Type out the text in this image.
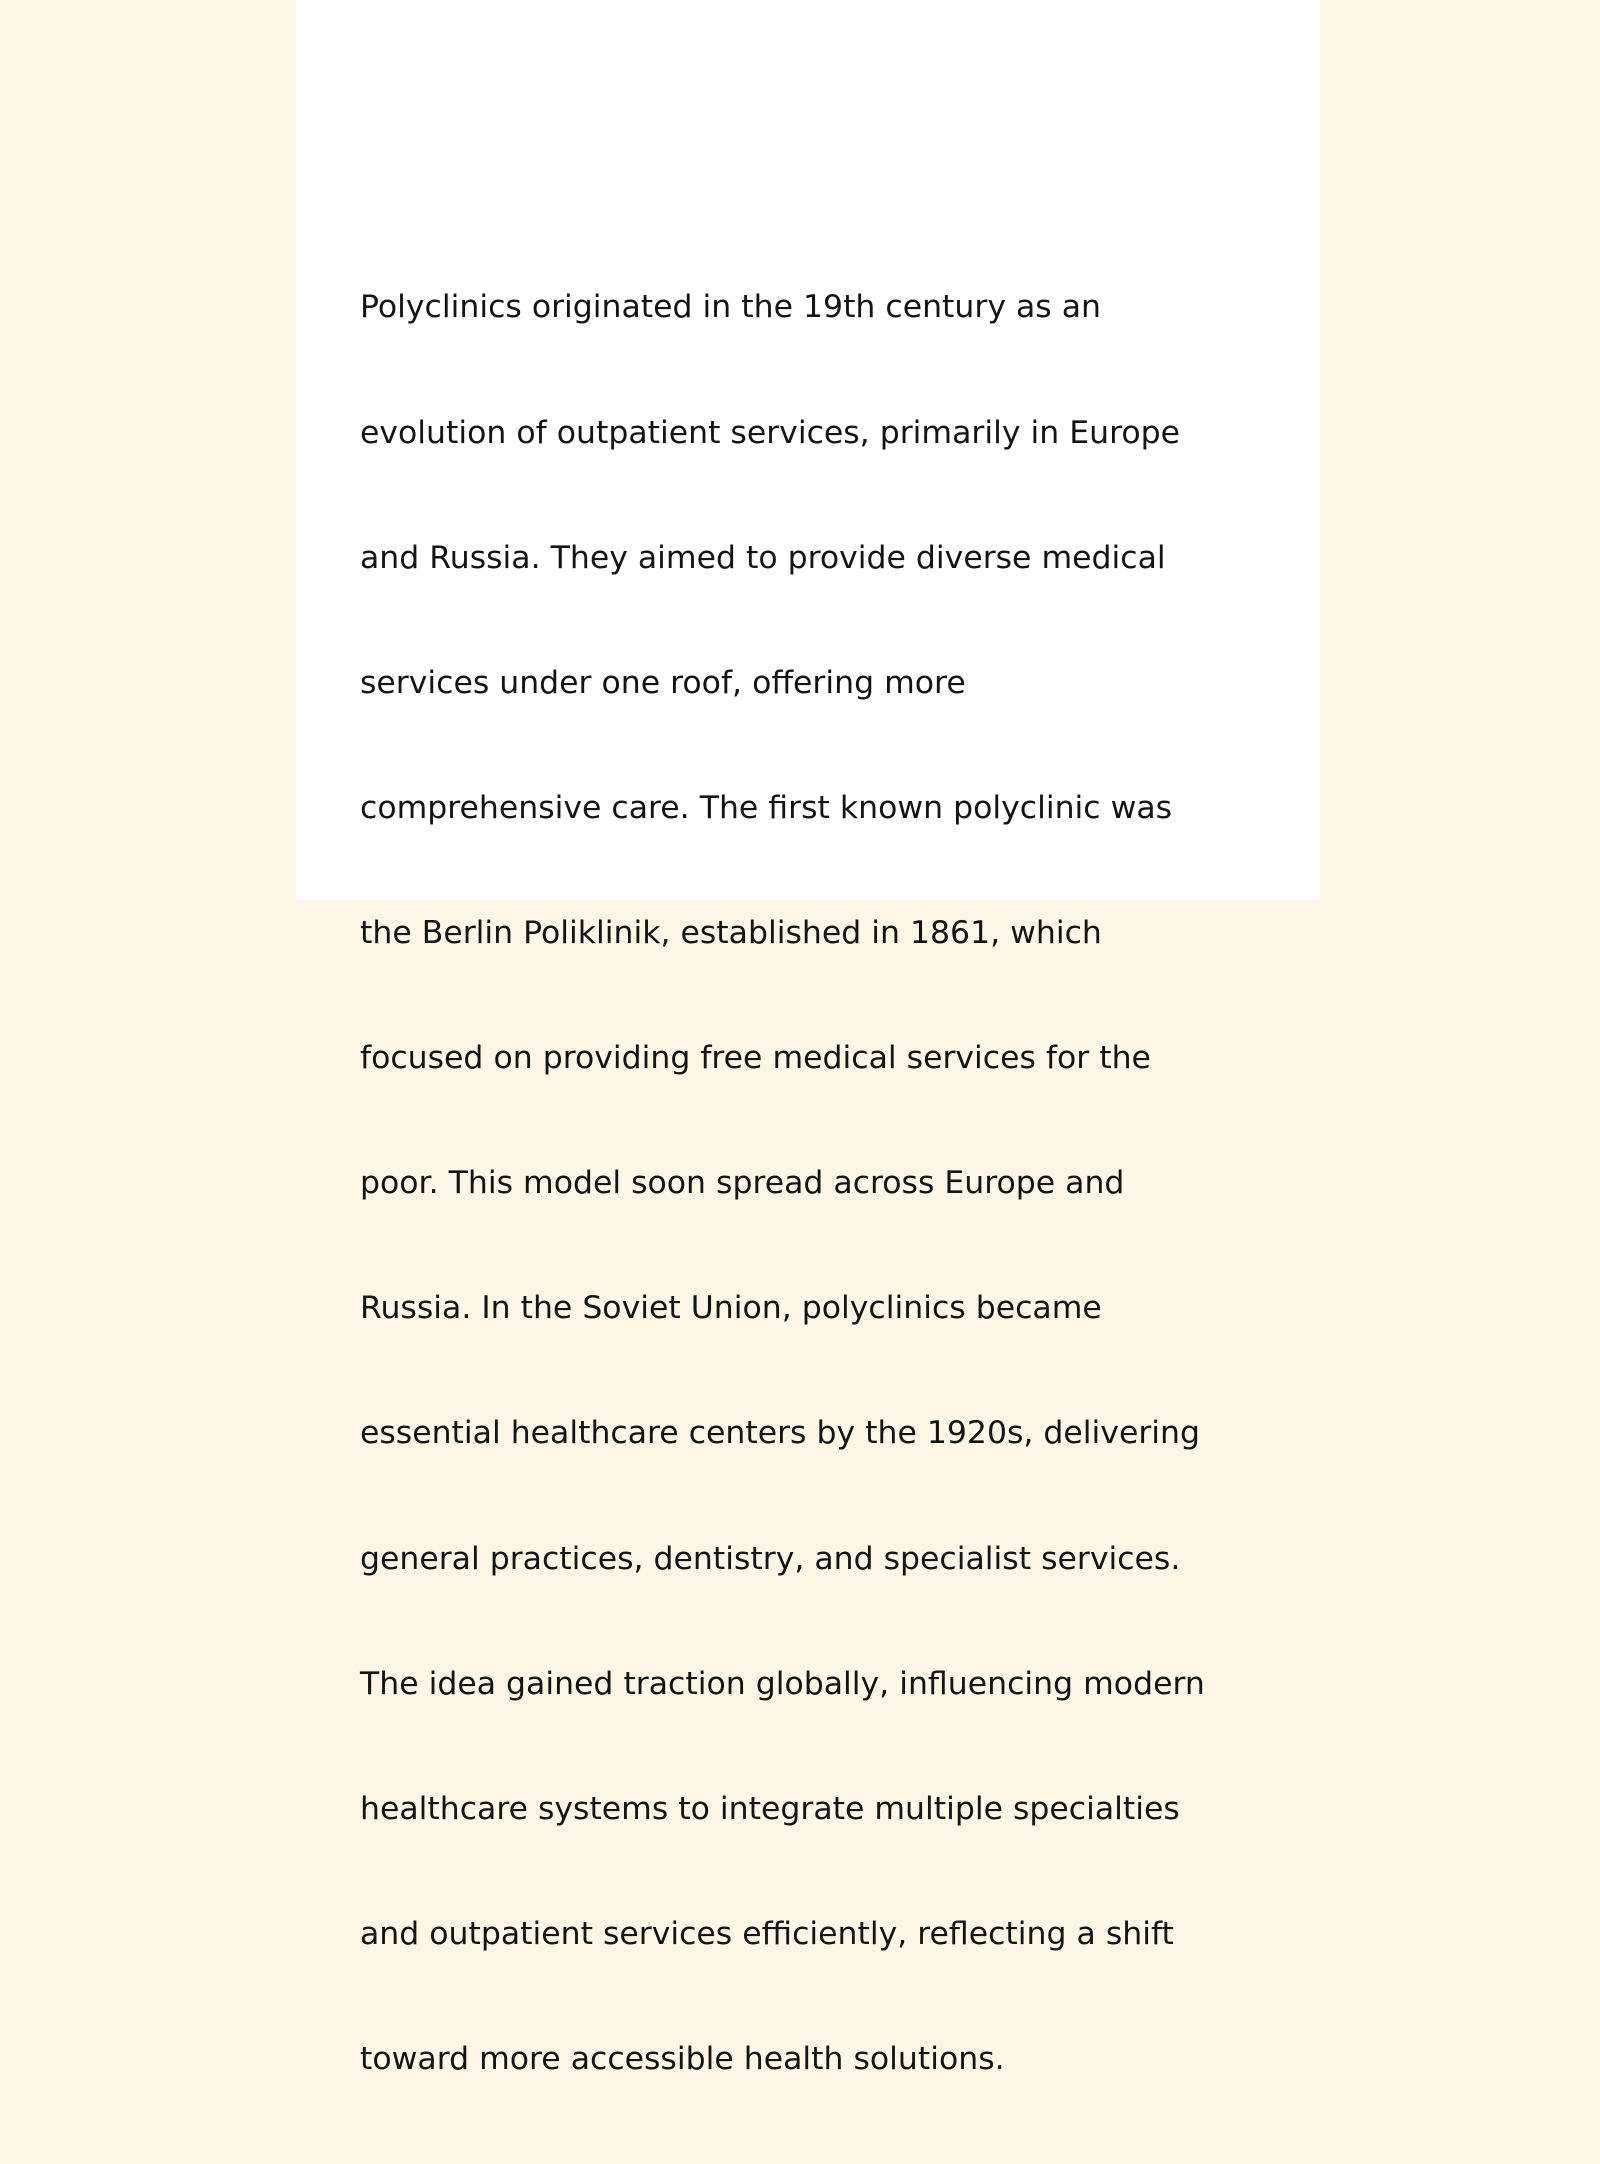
Polyclinics originated in the 19th century as an

evolution of outpatient services, primarily in Europe

and Russia. They aimed to provide diverse medical

services under one roof, offering more

comprehensive care. The first known polyclinic was

the Berlin Poliklinik, established in 1861, which

focused on providing free medical services for the

poor. This model soon spread across Europe and

Russia. In the Soviet Union, polyclinics became

essential healthcare centers by the 1920s, delivering

general practices, dentistry, and specialist services.

The idea gained traction globally, influencing modern

healthcare systems to integrate multiple specialties

and outpatient services efficiently, reflecting a shift

toward more accessible health solutions.
